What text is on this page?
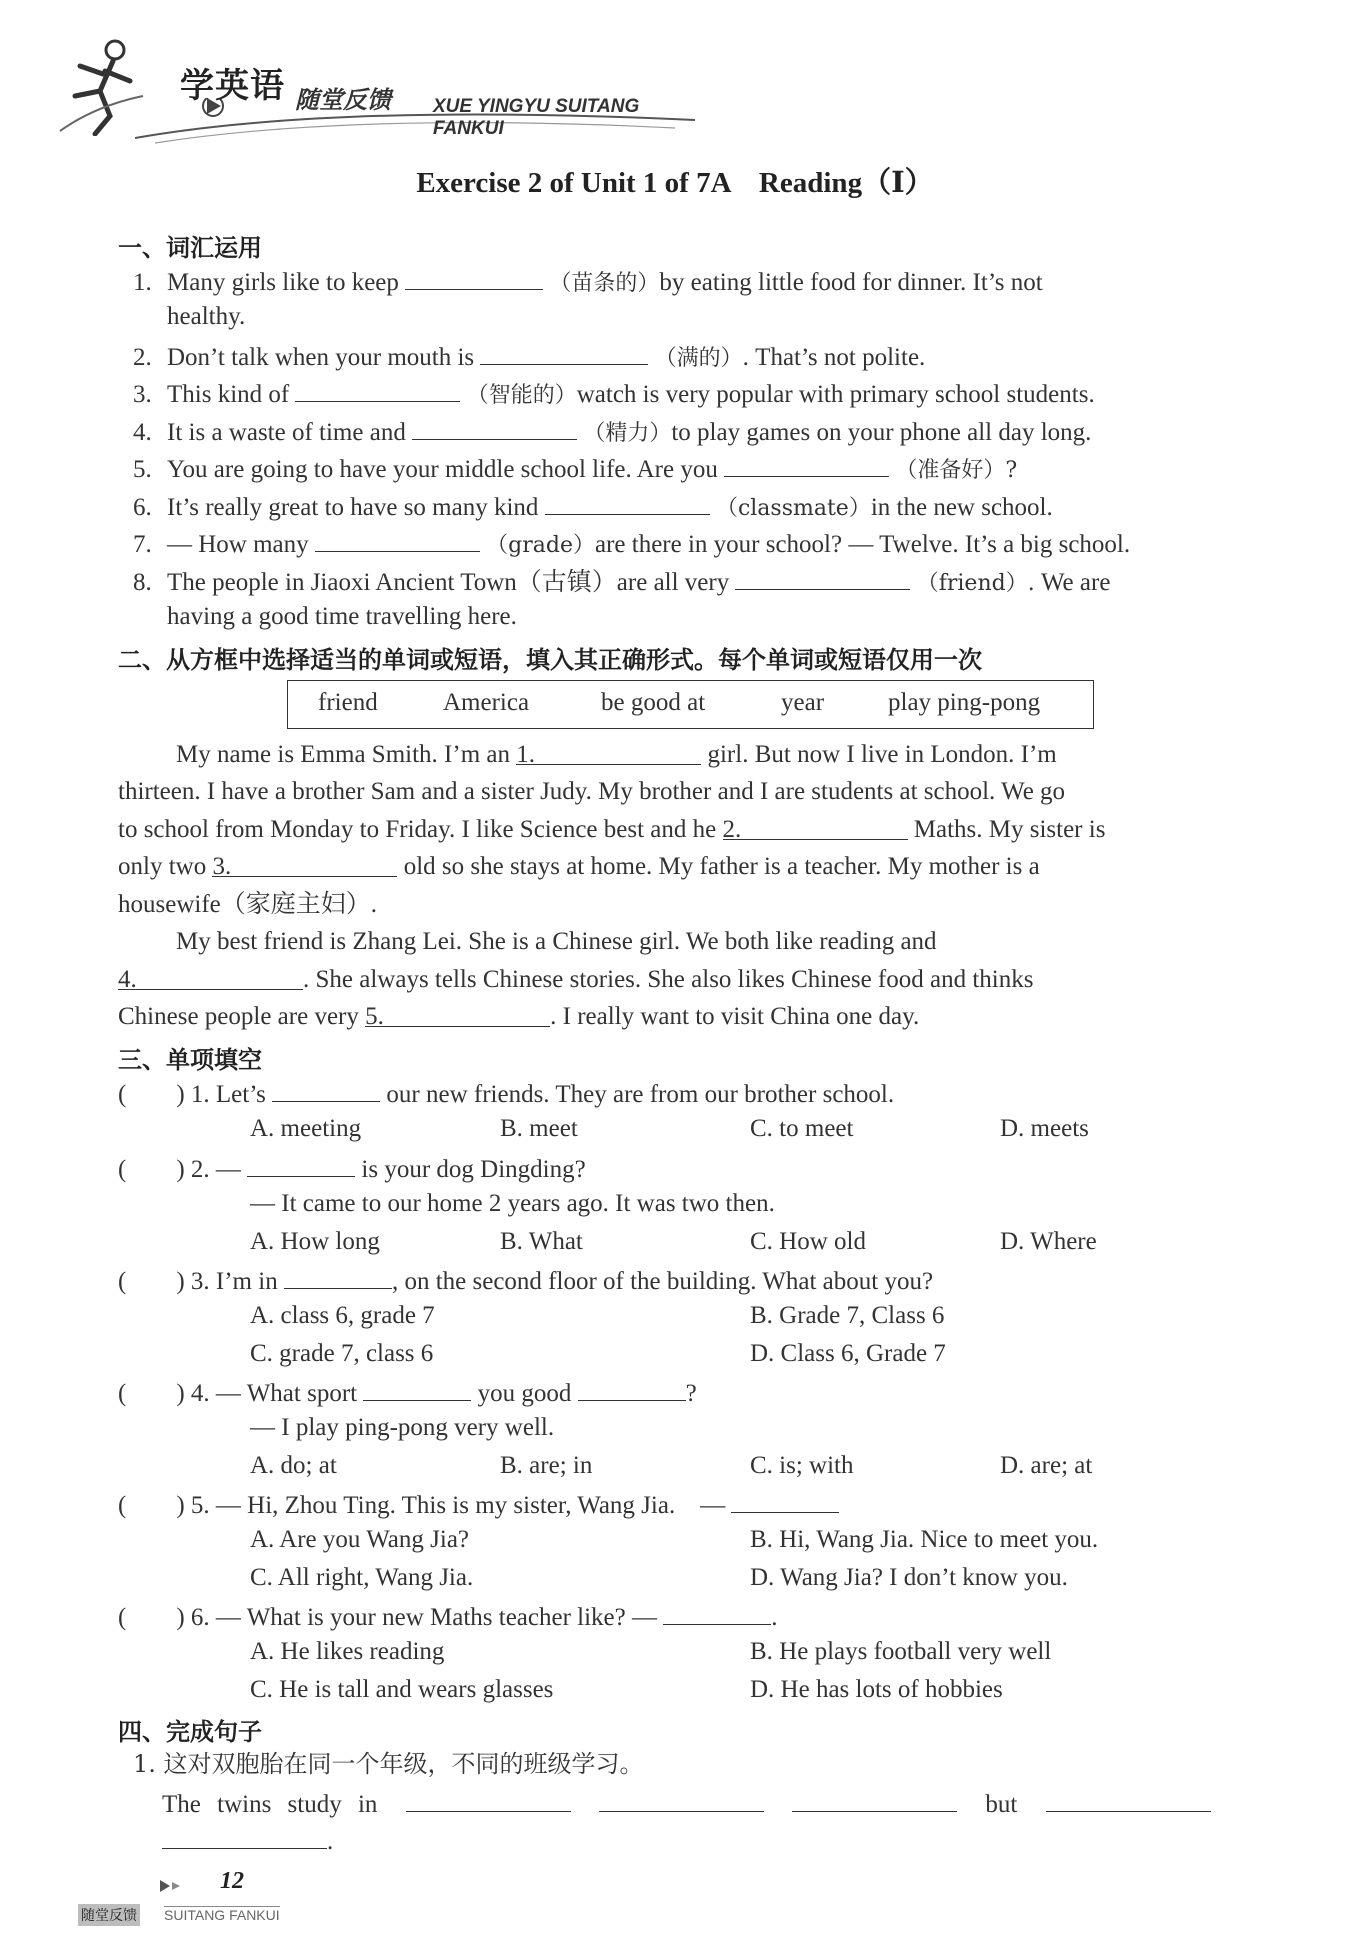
学英语 随堂反馈 XUE YINGYU SUITANG FANKUI
Exercise 2 of Unit 1 of 7A　Reading（Ⅰ）
一、词汇运用
1. Many girls like to keep	（苗条的）by eating little food for dinner. It’s not
healthy.
2. Don’t talk when your mouth is	（满的）. That’s not polite.
3. This kind of	（智能的）watch is very popular with primary school students.
4. It is a waste of time and	（精力）to play games on your phone all day long.
5. You are going to have your middle school life. Are you	（准备好）?
6. It’s really great to have so many kind	（classmate）in the new school.
7. — How many	（grade）are there in your school? — Twelve. It’s a big school.
8. The people in Jiaoxi Ancient Town（古镇）are all very	（friend）. We are
having a good time travelling here.
二、从方框中选择适当的单词或短语，填入其正确形式。每个单词或短语仅用一次
friend	America	be good at	year	play ping-pong
My name is Emma Smith. I’m an 1.	girl. But now I live in London. I’m
thirteen. I have a brother Sam and a sister Judy. My brother and I are students at school. We go
to school from Monday to Friday. I like Science best and he 2.	Maths. My sister is
only two 3.	old so she stays at home. My father is a teacher. My mother is a
housewife（家庭主妇）.
My best friend is Zhang Lei. She is a Chinese girl. We both like reading and
4.	. She always tells Chinese stories. She also likes Chinese food and thinks
Chinese people are very 5.	. I really want to visit China one day.
三、单项填空
(　　) 1. Let’s	our new friends. They are from our brother school.
A. meeting	B. meet	C. to meet	D. meets
(　　) 2. —	is your dog Dingding?
— It came to our home 2 years ago. It was two then.
A. How long	B. What	C. How old	D. Where
(　　) 3. I’m in	, on the second floor of the building. What about you?
A. class 6, grade 7	B. Grade 7, Class 6
C. grade 7, class 6	D. Class 6, Grade 7
(　　) 4. — What sport	you good	?
— I play ping-pong very well.
A. do; at	B. are; in	C. is; with	D. are; at
(　　) 5. — Hi, Zhou Ting. This is my sister, Wang Jia.　—
A. Are you Wang Jia?	B. Hi, Wang Jia. Nice to meet you.
C. All right, Wang Jia.	D. Wang Jia? I don’t know you.
(　　) 6. — What is your new Maths teacher like? —	.
A. He likes reading	B. He plays football very well
C. He is tall and wears glasses	D. He has lots of hobbies
四、完成句子
1. 这对双胞胎在同一个年级，不同的班级学习。
The twins study in	but
.
12
随堂反馈 SUITANG FANKUI
